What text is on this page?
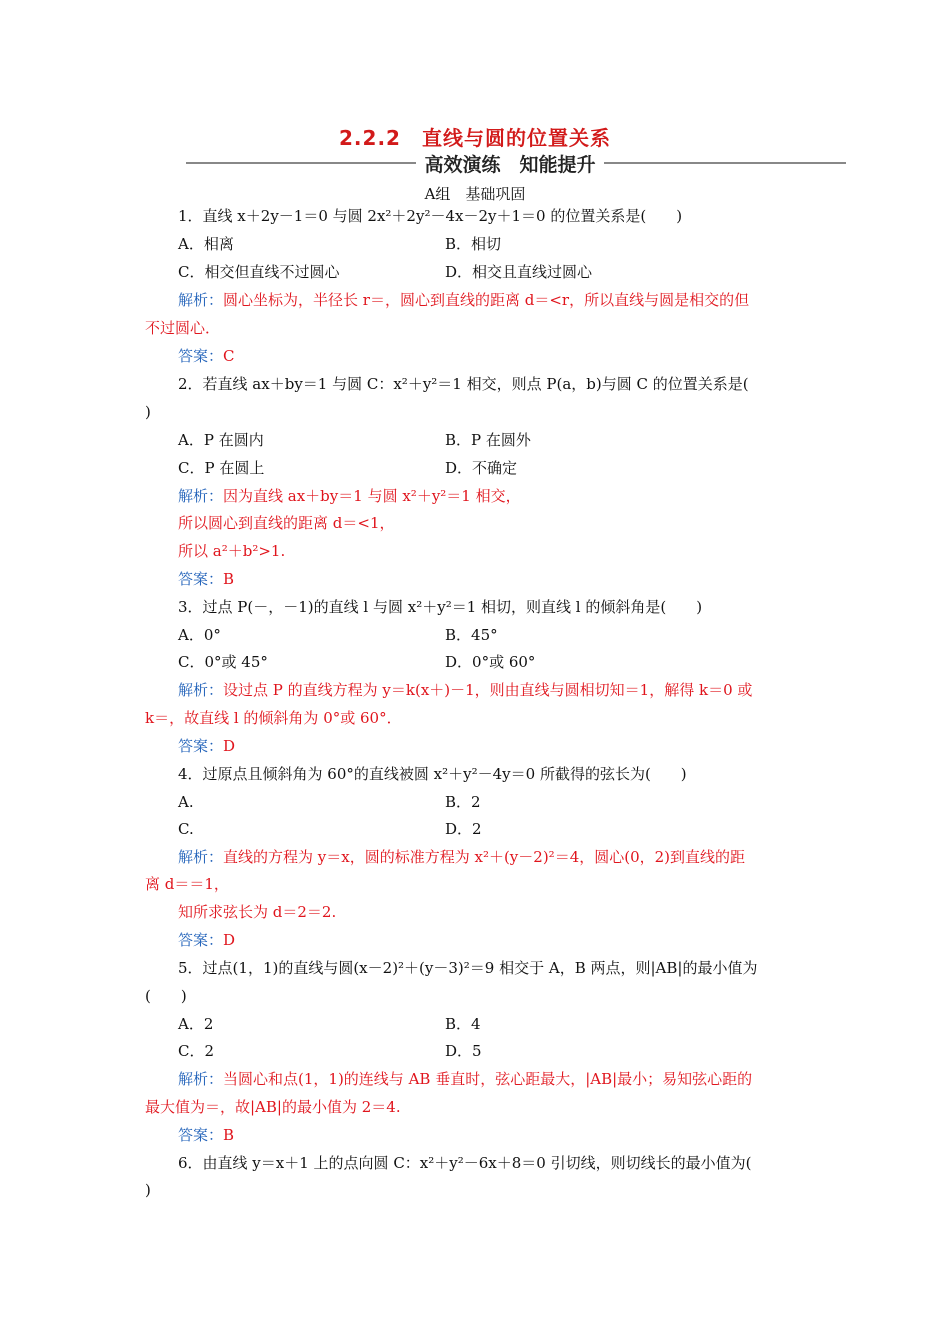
2.2.2　直线与圆的位置关系
高效演练　知能提升
A组　基础巩固
1．直线 x＋2y－1＝0 与圆 2x²＋2y²－4x－2y＋1＝0 的位置关系是(　　)
A．相离	B．相切
C．相交但直线不过圆心	D．相交且直线过圆心
解析：圆心坐标为，半径长 r＝，圆心到直线的距离 d＝<r，所以直线与圆是相交的但
不过圆心．
答案：C
2．若直线 ax＋by＝1 与圆 C：x²＋y²＝1 相交，则点 P(a，b)与圆 C 的位置关系是(
)
A．P 在圆内	B．P 在圆外
C．P 在圆上	D．不确定
解析：因为直线 ax＋by＝1 与圆 x²＋y²＝1 相交，
所以圆心到直线的距离 d＝<1，
所以 a²＋b²>1.
答案：B
3．过点 P(－，－1)的直线 l 与圆 x²＋y²＝1 相切，则直线 l 的倾斜角是(　　)
A．0°	B．45°
C．0°或 45°	D．0°或 60°
解析：设过点 P 的直线方程为 y＝k(x＋)－1，则由直线与圆相切知＝1，解得 k＝0 或
k＝，故直线 l 的倾斜角为 0°或 60°．
答案：D
4．过原点且倾斜角为 60°的直线被圆 x²＋y²－4y＝0 所截得的弦长为(　　)
A.	B．2
C.	D．2
解析：直线的方程为 y＝x，圆的标准方程为 x²＋(y－2)²＝4，圆心(0，2)到直线的距
离 d＝＝1，
知所求弦长为 d＝2＝2.
答案：D
5．过点(1，1)的直线与圆(x－2)²＋(y－3)²＝9 相交于 A，B 两点，则|AB|的最小值为
(　　)
A．2	B．4
C．2	D．5
解析：当圆心和点(1，1)的连线与 AB 垂直时，弦心距最大，|AB|最小；易知弦心距的
最大值为＝，故|AB|的最小值为 2＝4.
答案：B
6．由直线 y＝x＋1 上的点向圆 C：x²＋y²－6x＋8＝0 引切线，则切线长的最小值为(
)
